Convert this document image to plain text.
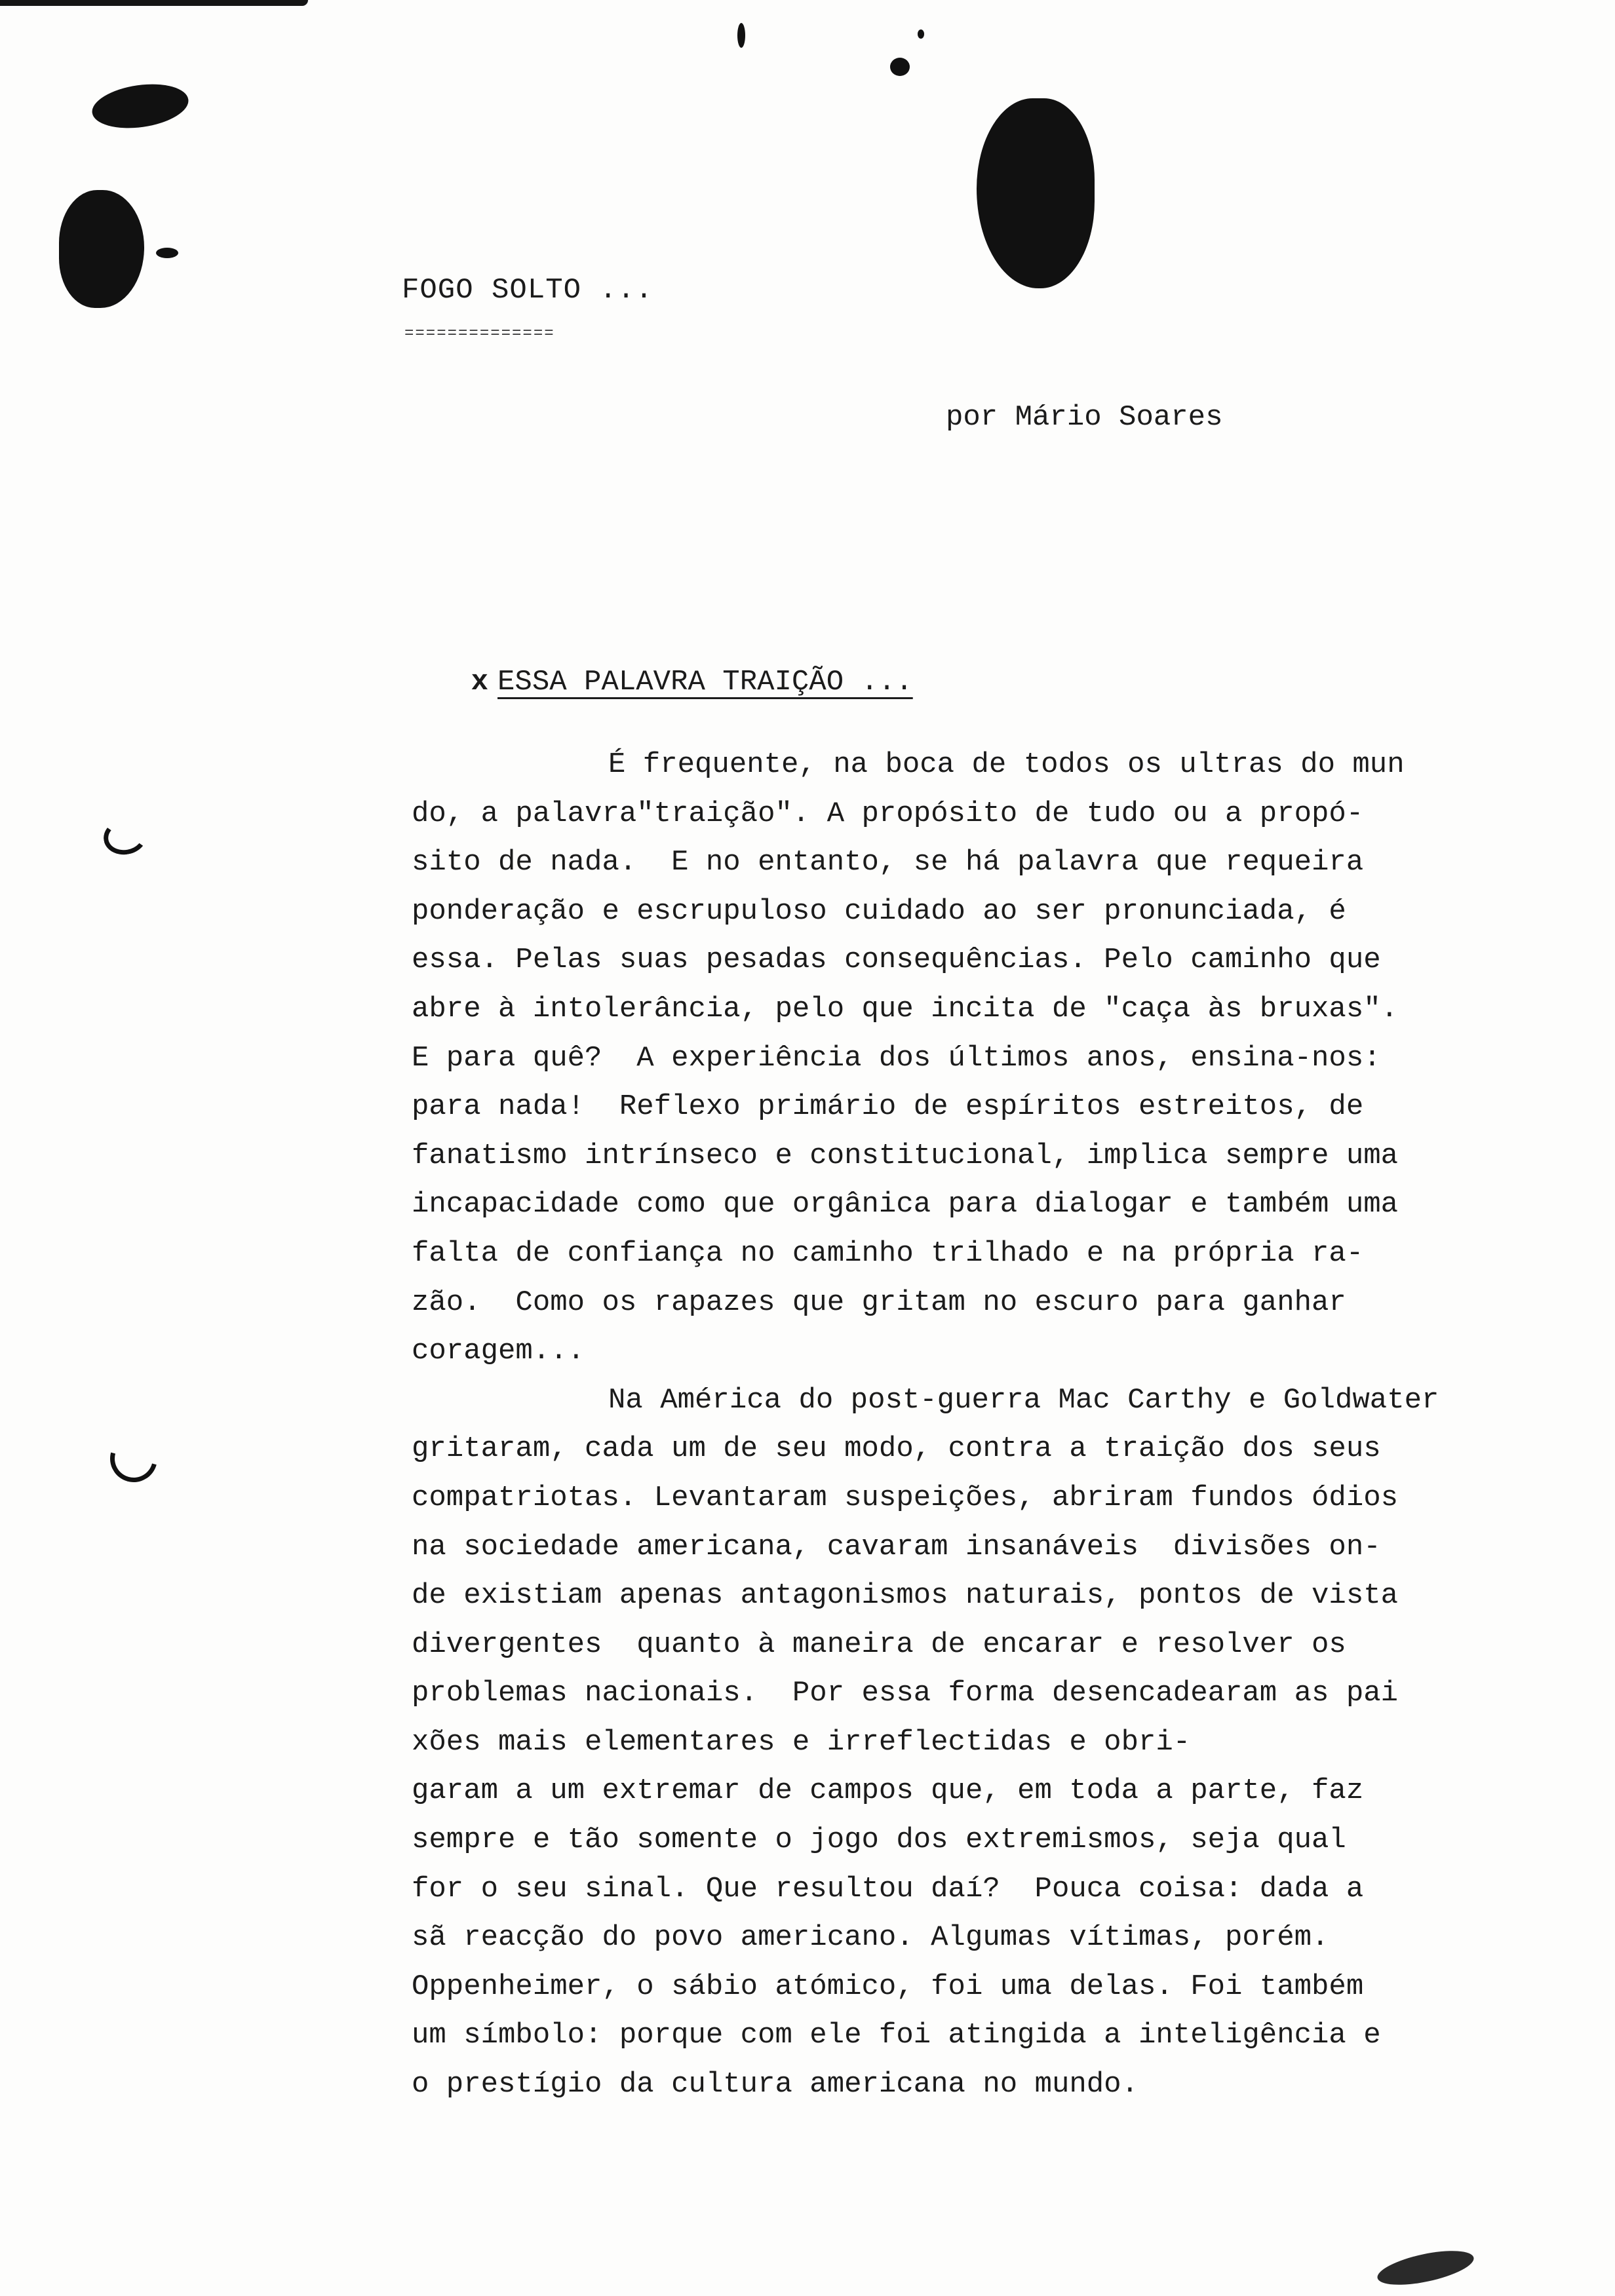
FOGO SOLTO ...

==============

por Mário Soares

x ESSA PALAVRA TRAIÇÃO ...

É frequente, na boca de todos os ultras do mun
do, a palavra"traição". A propósito de tudo ou a propó-
sito de nada.  E no entanto, se há palavra que requeira
ponderação e escrupuloso cuidado ao ser pronunciada, é
essa. Pelas suas pesadas consequências. Pelo caminho que
abre à intolerância, pelo que incita de "caça às bruxas".
E para quê?  A experiência dos últimos anos, ensina-nos:
para nada!  Reflexo primário de espíritos estreitos, de
fanatismo intrínseco e constitucional, implica sempre uma
incapacidade como que orgânica para dialogar e também uma
falta de confiança no caminho trilhado e na própria ra-
zão.  Como os rapazes que gritam no escuro para ganhar
coragem...
Na América do post-guerra Mac Carthy e Goldwater
gritaram, cada um de seu modo, contra a traição dos seus
compatriotas. Levantaram suspeições, abriram fundos ódios
na sociedade americana, cavaram insanáveis  divisões on-
de existiam apenas antagonismos naturais, pontos de vista
divergentes  quanto à maneira de encarar e resolver os
problemas nacionais.  Por essa forma desencadearam as pai
xões mais elementares e irreflectidas e obri-
garam a um extremar de campos que, em toda a parte, faz
sempre e tão somente o jogo dos extremismos, seja qual
for o seu sinal. Que resultou daí?  Pouca coisa: dada a
sã reacção do povo americano. Algumas vítimas, porém.
Oppenheimer, o sábio atómico, foi uma delas. Foi também
um símbolo: porque com ele foi atingida a inteligência e
o prestígio da cultura americana no mundo.
